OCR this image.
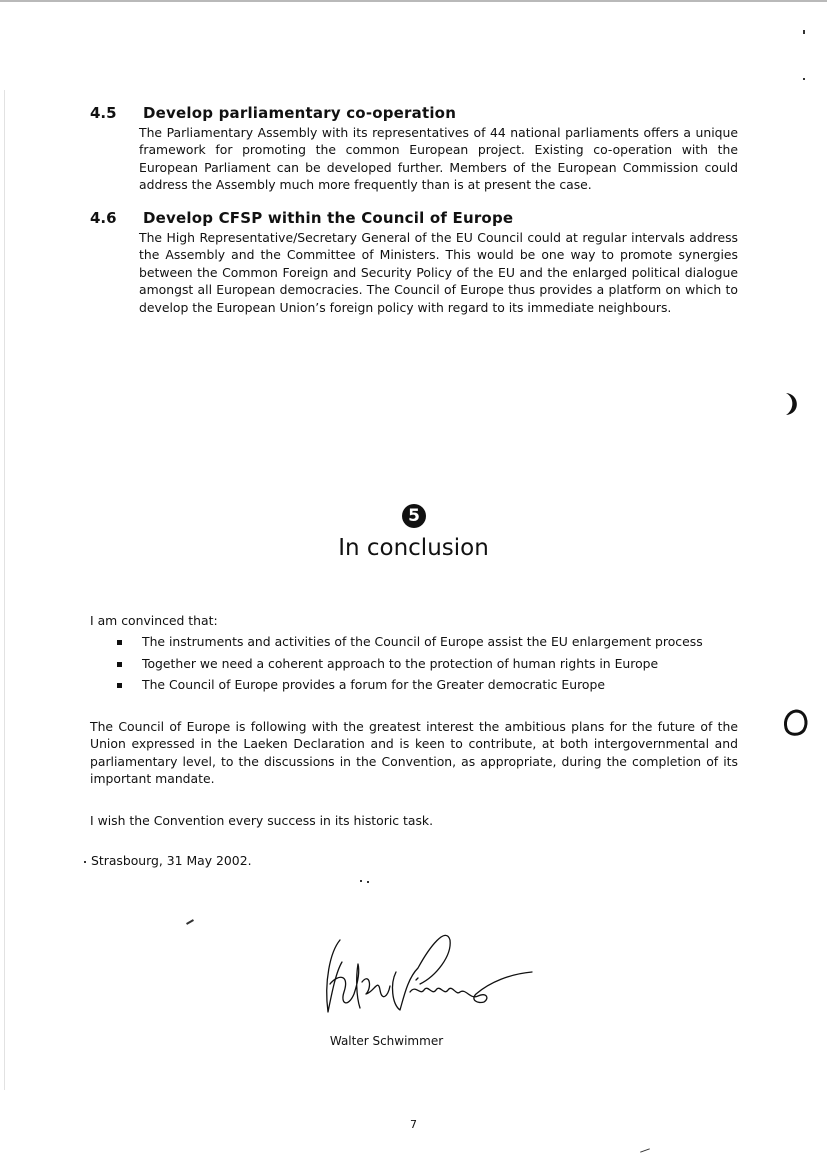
4.5 Develop parliamentary co-operation
The Parliamentary Assembly with its representatives of 44 national parliaments offers a unique framework for promoting the common European project. Existing co-operation with the European Parliament can be developed further. Members of the European Commission could address the Assembly much more frequently than is at present the case.
4.6 Develop CFSP within the Council of Europe
The High Representative/Secretary General of the EU Council could at regular intervals address the Assembly and the Committee of Ministers. This would be one way to promote synergies between the Common Foreign and Security Policy of the EU and the enlarged political dialogue amongst all European democracies. The Council of Europe thus provides a platform on which to develop the European Union’s foreign policy with regard to its immediate neighbours.
5
In conclusion
I am convinced that:
The instruments and activities of the Council of Europe assist the EU enlargement process
Together we need a coherent approach to the protection of human rights in Europe
The Council of Europe provides a forum for the Greater democratic Europe
The Council of Europe is following with the greatest interest the ambitious plans for the future of the Union expressed in the Laeken Declaration and is keen to contribute, at both intergovernmental and parliamentary level, to the discussions in the Convention, as appropriate, during the completion of its important mandate.
I wish the Convention every success in its historic task.
Strasbourg, 31 May 2002.
Walter Schwimmer
7
